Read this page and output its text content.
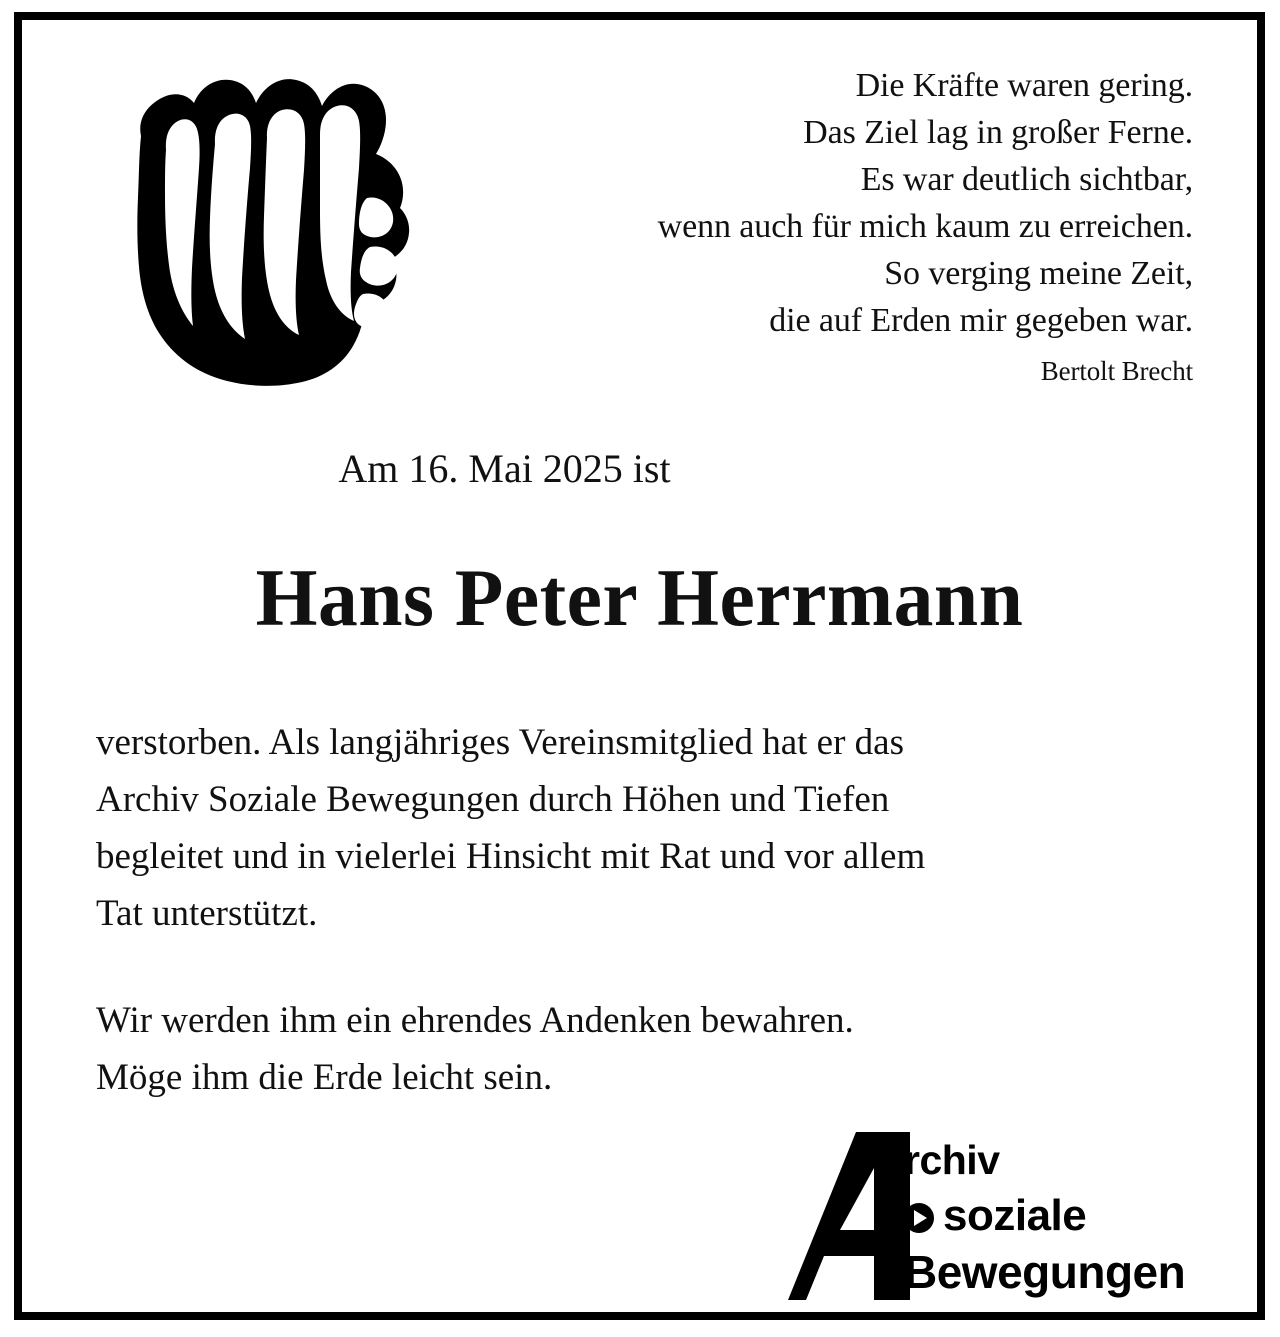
Die Kräfte waren gering.
Das Ziel lag in großer Ferne.
Es war deutlich sichtbar,
wenn auch für mich kaum zu erreichen.
So verging meine Zeit,
die auf Erden mir gegeben war.
Bertolt Brecht
Am 16. Mai 2025 ist
Hans Peter Herrmann

verstorben. Als langjähriges Vereinsmitglied hat er das
Archiv Soziale Bewegungen durch Höhen und Tiefen
begleitet und in vielerlei Hinsicht mit Rat und vor allem
Tat unterstützt.

Wir werden ihm ein ehrendes Andenken bewahren.
Möge ihm die Erde leicht sein.

rchiv
soziale
Bewegungen
